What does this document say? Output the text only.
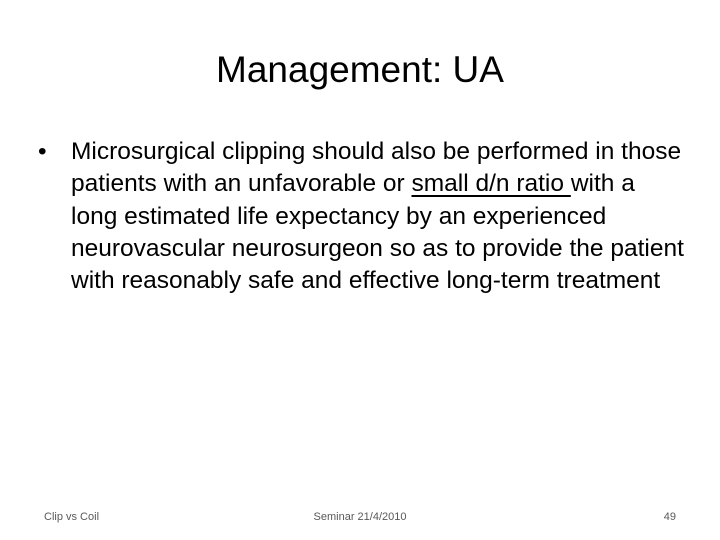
Management: UA
• Microsurgical clipping should also be performed in those patients with an unfavorable or small d/n ratio with a long estimated life expectancy by an experienced neurovascular neurosurgeon so as to provide the patient with reasonably safe and effective long-term treatment
Clip vs Coil	Seminar 21/4/2010	49
